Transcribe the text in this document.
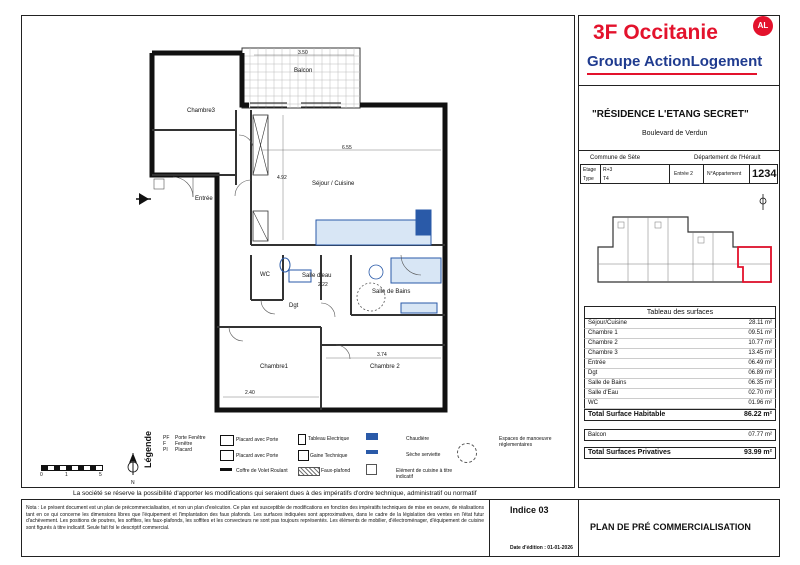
Balcon
Chambre3
Entrée
Séjour / Cuisine
WC	Salle d'eau
Salle de Bains
Dgt
Chambre1	Chambre 2
3.50
6.55
4.92
2.40
3.74
2.22
0	1	5
N
Légende PF Porte Fenêtre
F Fenêtre
PI Placard
Placard avec Porte
Placard avec Porte
Coffre de Volet Roulant
Tableau Electrique
Gaine Technique
Faux-plafond
Chaudière
Sèche serviette
Elément de cuisine à titre indicatif
Espaces de manoeuvre réglementaires
3F Occitanie	AL
Groupe ActionLogement
"RÉSIDENCE L'ETANG SECRET"
Boulevard de Verdun
Commune de Sète	Département de l'Hérault
Etage R+3
Type T4
Entrée 2	N°Appartement 1234
Tableau des surfaces
Séjour/Cuisine	28.11 m²
Chambre 1	09.51 m²
Chambre 2	10.77 m²
Chambre 3	13.45 m²
Entrée	06.49 m²
Dgt	06.89 m²
Salle de Bains	06.35 m²
Salle d'Eau	02.70 m²
WC	01.96 m²
Total Surface Habitable	86.22 m²
Balcon	07.77 m²
Total Surfaces Privatives	93.99 m²
La société se réserve la possibilité d'apporter les modifications qui seraient dues à des impératifs d'ordre technique, administratif ou normatif
Nota : Le présent document est un plan de précommercialisation, et non un plan d'exécution. Ce plan est susceptible de modifications en fonction des impératifs techniques de mise en oeuvre, de réalisations tant en ce qui concerne les dimensions libres que l'équipement et l'implantation des faux plafonds. Les surfaces indiquées sont approximatives, dans le cadre de la législation des ventes en l'état futur d'achèvement. Les positions de poutres, les soffites, les faux-plafonds, les soffites et les convecteurs ne sont pas toujours représentés. Les éléments de mobilier, d'électroménager, d'équipement de cuisine sont figurés à titre indicatif. Seule fait foi le descriptif commercial.
Indice 03
Date d'édition : 01-01-2026
PLAN DE PRÉ COMMERCIALISATION
